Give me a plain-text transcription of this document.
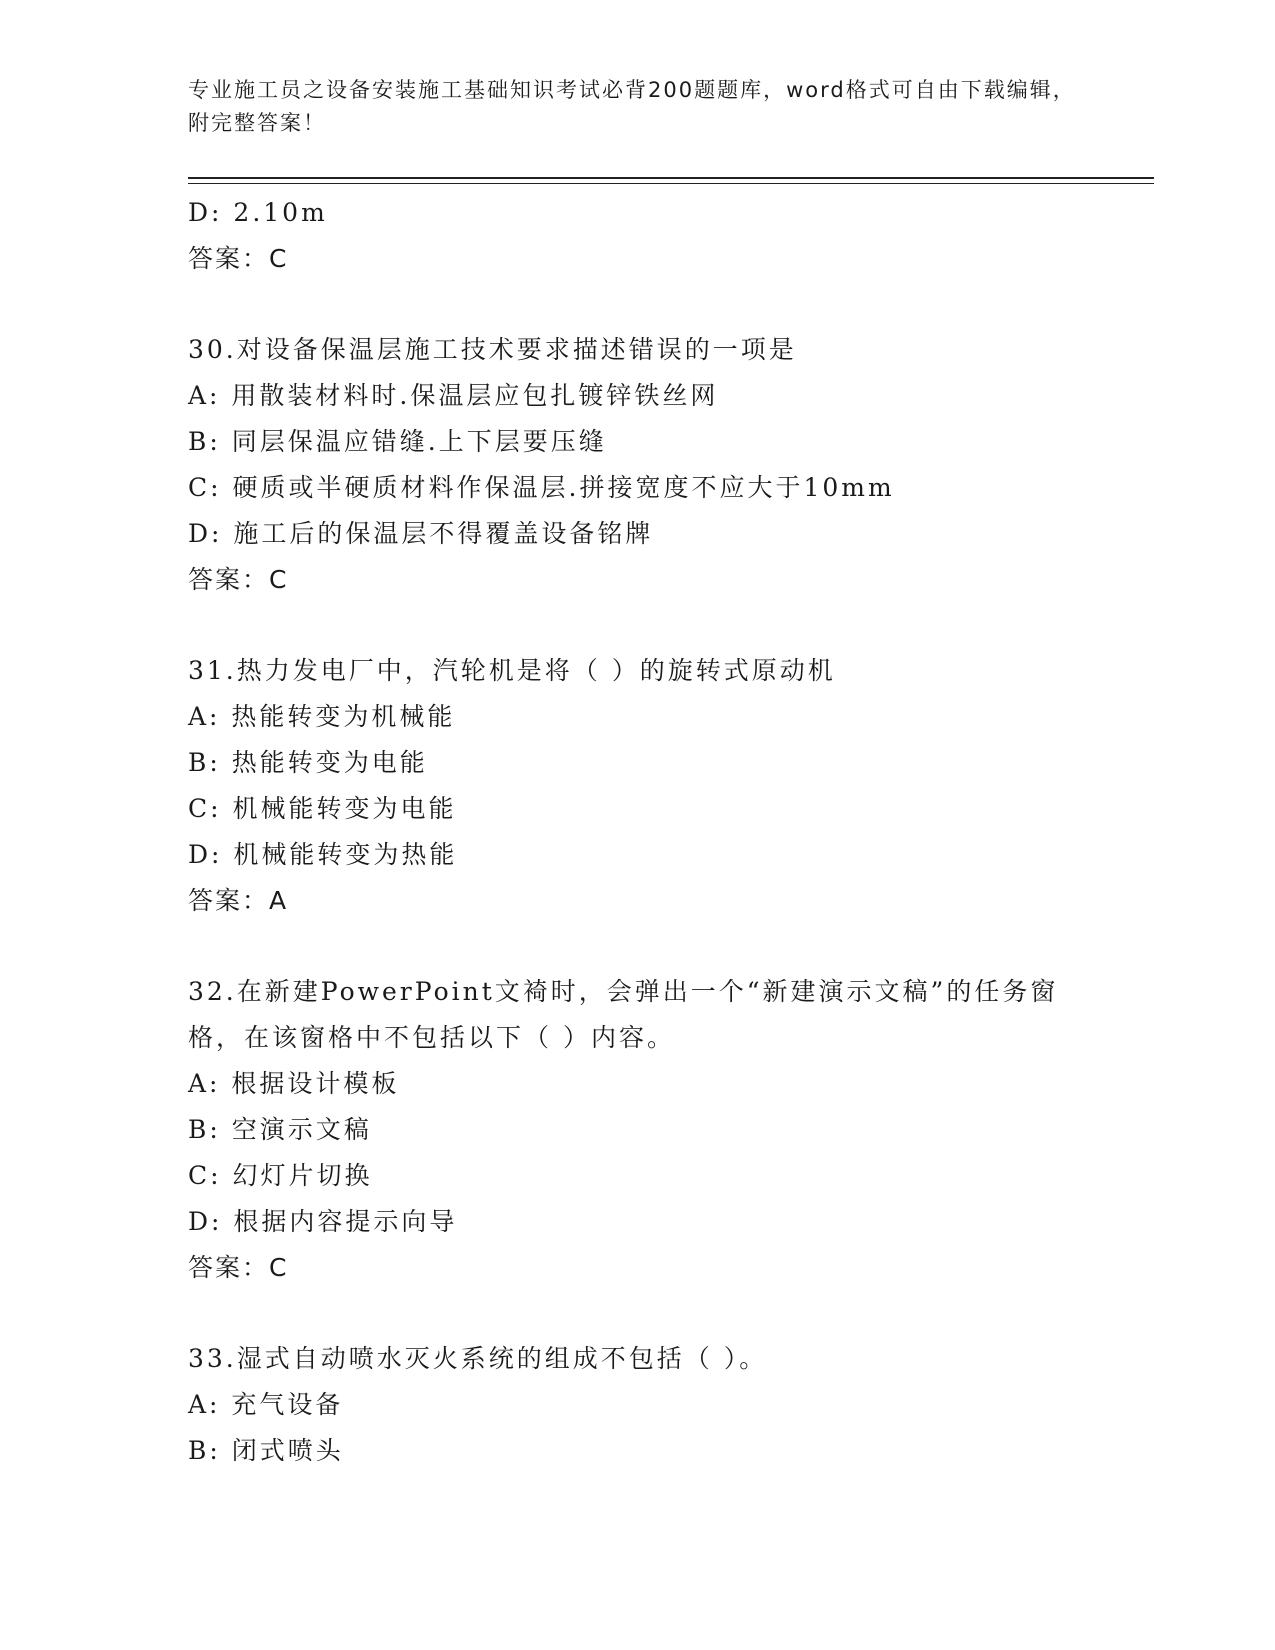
专业施工员之设备安装施工基础知识考试必背200题题库，word格式可自由下载编辑，附完整答案！
D: 2.10m
答案：C
30.对设备保温层施工技术要求描述错误的一项是
A: 用散装材料时.保温层应包扎镀锌铁丝网
B: 同层保温应错缝.上下层要压缝
C: 硬质或半硬质材料作保温层.拼接宽度不应大于10mm
D: 施工后的保温层不得覆盖设备铭牌
答案：C
31.热力发电厂中，汽轮机是将（ ）的旋转式原动机
A: 热能转变为机械能
B: 热能转变为电能
C: 机械能转变为电能
D: 机械能转变为热能
答案：A
32.在新建PowerPoint文裿时，会弹出一个“新建演示文稿”的任务窗格，在该窗格中不包括以下（ ）内容。
A: 根据设计模板
B: 空演示文稿
C: 幻灯片切换
D: 根据内容提示向导
答案：C
33.湿式自动喷水灭火系统的组成不包括（ ）。
A: 充气设备
B: 闭式喷头
